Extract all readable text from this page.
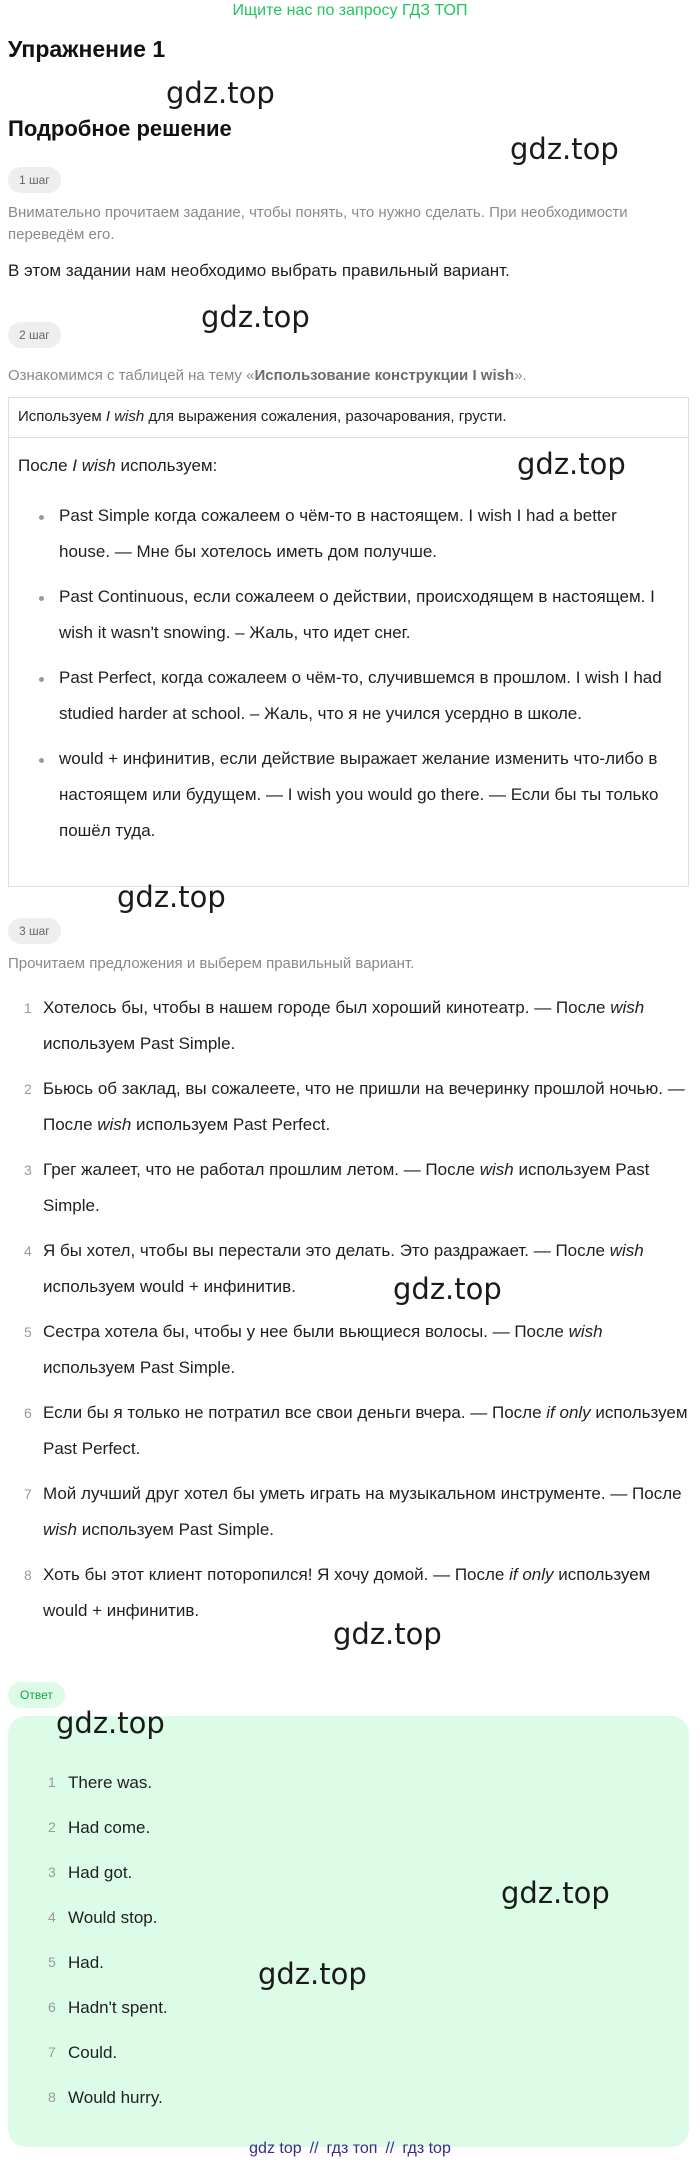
Ищите нас по запросу ГДЗ ТОП
Упражнение 1
gdz.top
Подробное решение
gdz.top
1 шаг
Внимательно прочитаем задание, чтобы понять, что нужно сделать. При необходимости переведём его.
В этом задании нам необходимо выбрать правильный вариант.
gdz.top
2 шаг
Ознакомимся с таблицей на тему «Использование конструкции I wish».
Используем I wish для выражения сожаления, разочарования, грусти.
После I wish используем:
Past Simple когда сожалеем о чём-то в настоящем. I wish I had a better house. — Мне бы хотелось иметь дом получше.
Past Continuous, если сожалеем о действии, происходящем в настоящем. I wish it wasn't snowing. – Жаль, что идет снег.
Past Perfect, когда сожалеем о чём-то, случившемся в прошлом. I wish I had studied harder at school. – Жаль, что я не учился усердно в школе.
would + инфинитив, если действие выражает желание изменить что-либо в настоящем или будущем. — I wish you would go there. — Если бы ты только пошёл туда.
gdz.top
gdz.top
3 шаг
Прочитаем предложения и выберем правильный вариант.
1 Хотелось бы, чтобы в нашем городе был хороший кинотеатр. — После wish используем Past Simple.
2 Бьюсь об заклад, вы сожалеете, что не пришли на вечеринку прошлой ночью. — После wish используем Past Perfect.
3 Грег жалеет, что не работал прошлим летом. — После wish используем Past Simple.
4 Я бы хотел, чтобы вы перестали это делать. Это раздражает. — После wish используем would + инфинитив.
5 Сестра хотела бы, чтобы у нее были вьющиеся волосы. — После wish используем Past Simple.
6 Если бы я только не потратил все свои деньги вчера. — После if only используем Past Perfect.
7 Мой лучший друг хотел бы уметь играть на музыкальном инструменте. — После wish используем Past Simple.
8 Хоть бы этот клиент поторопился! Я хочу домой. — После if only используем would + инфинитив.
gdz.top
gdz.top
Ответ
1 There was.
2 Had come.
3 Had got.
4 Would stop.
5 Had.
6 Hadn't spent.
7 Could.
8 Would hurry.
gdz.top
gdz.top
gdz.top
gdz top // гдз топ // гдз top
